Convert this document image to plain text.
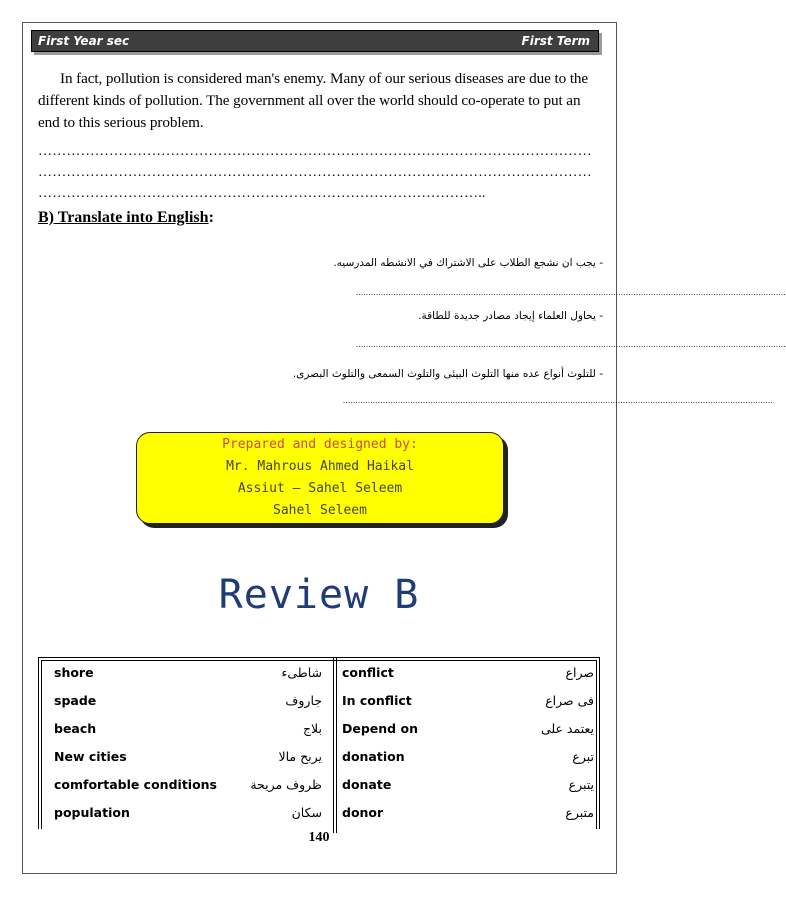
First Year sec	First Term
In fact, pollution is considered man's enemy. Many of our serious diseases are due to the different kinds of pollution. The government all over the world should co-operate to put an end to this serious problem.
………………………………………………………………………………………………………
………………………………………………………………………………………………………
…………………………………………………………………………………..
B) Translate into English:
- يجب ان نشجع الطلاب على الاشتراك في الانشطه المدرسيه.
............................................................................................................................................................................
- يحاول العلماء إيجاد مصادر جديدة للطاقة.
............................................................................................................................................................................
- للتلوث أنواع عده منها التلوث البيئى والتلوث السمعى والتلوث البصرى.
............................................................................................................................................................................
Prepared and designed by:
Mr. Mahrous Ahmed Haikal
Assiut – Sahel Seleem
Sahel Seleem
Review B
shore	شاطىء
spade	جاروف
beach	بلاج
New cities	يربح مالا
comfortable conditions	ظروف مريحة
population	سكان
conflict	صراع
In conflict	فى صراع
Depend on	يعتمد على
donation	تبرع
donate	يتبرع
donor	متبرع
140
